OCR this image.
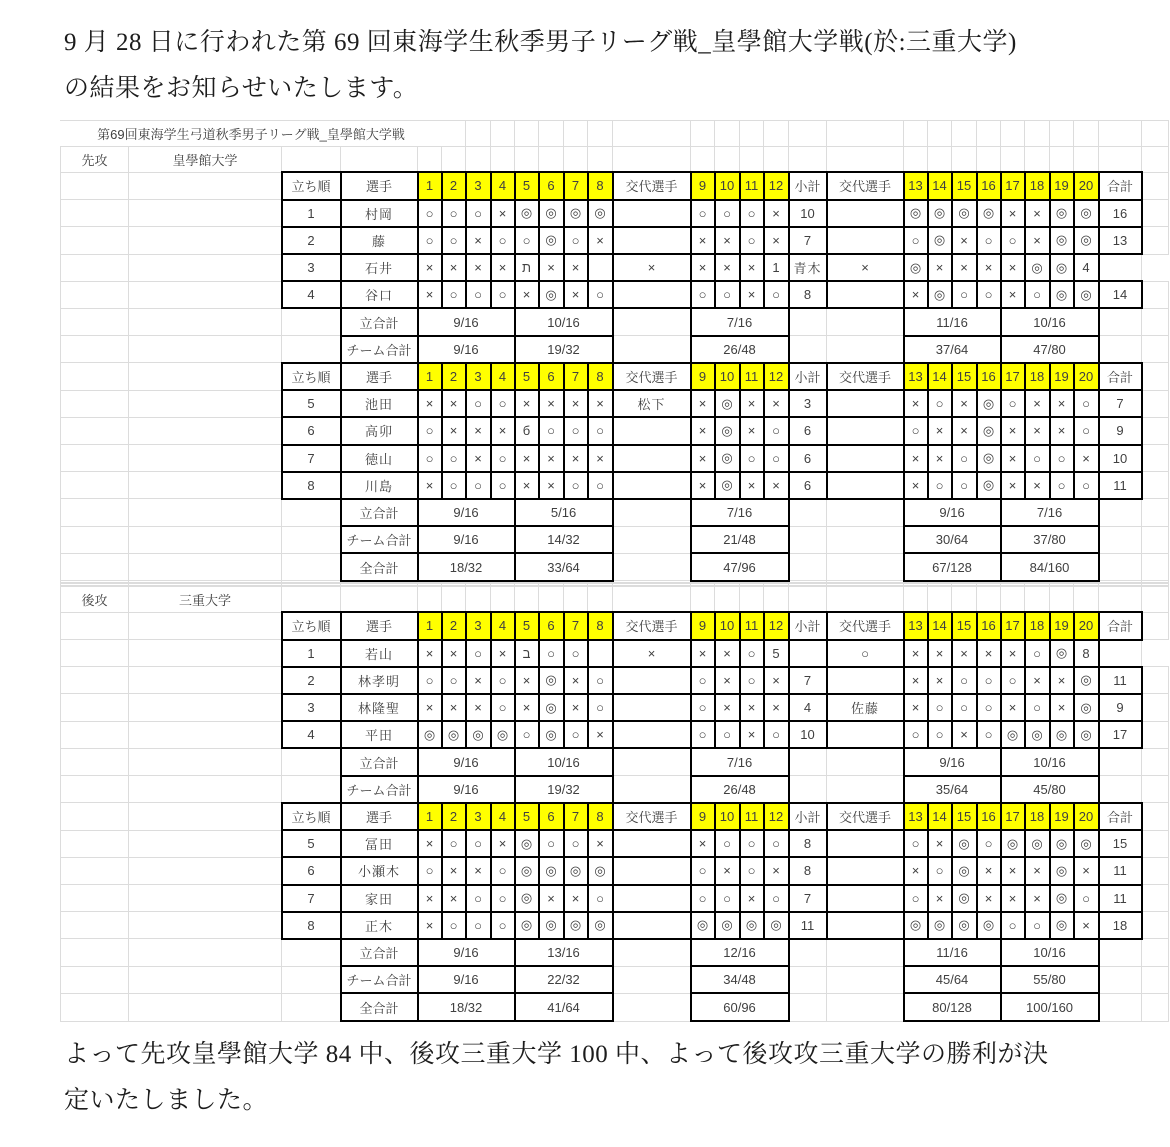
9 月 28 日に行われた第 69 回東海学生秋季男子リーグ戦_皇學館大学戦(於:三重大学)
の結果をお知らせいたします。
第69回東海学生弓道秋季男子リーグ戦_皇學館大学戦																												
先攻	皇學館大学																											
		立ち順	選手	1	2	3	4	5	6	7	8	交代選手	9	10	11	12	小計	交代選手	13	14	15	16	17	18	19	20	合計	
		1	村岡	○	○	○	×	◎	◎	◎	◎		○	○	○	×	10		◎	◎	◎	◎	×	×	◎	◎	16	
		2	藤	○	○	×	○	○	◎	○	×		×	×	○	×	7		○	◎	×	○	○	×	◎	◎	13	
		3	石井	×	×	×	×	ת	×	×		×	×	×	×	1	青木	×	◎	×	×	×	×	◎	◎	4		
		4	谷口	×	○	○	○	×	◎	×	○		○	○	×	○	8		×	◎	○	○	×	○	◎	◎	14	
			立合計	9/16				10/16					7/16						11/16				10/16					
			チーム合計	9/16				19/32					26/48						37/64				47/80					
		立ち順	選手	1	2	3	4	5	6	7	8	交代選手	9	10	11	12	小計	交代選手	13	14	15	16	17	18	19	20	合計	
		5	池田	×	×	○	○	×	×	×	×	松下	×	◎	×	×	3		×	○	×	◎	○	×	×	○	7	
		6	高卯	○	×	×	×	б	○	○	○		×	◎	×	○	6		○	×	×	◎	×	×	×	○	9	
		7	徳山	○	○	×	○	×	×	×	×		×	◎	○	○	6		×	×	○	◎	×	○	○	×	10	
		8	川島	×	○	○	○	×	×	○	○		×	◎	×	×	6		×	○	○	◎	×	×	○	○	11	
			立合計	9/16				5/16					7/16						9/16				7/16					
			チーム合計	9/16				14/32					21/48						30/64				37/80					
			全合計	18/32				33/64					47/96						67/128				84/160					

後攻	三重大学																											
		立ち順	選手	1	2	3	4	5	6	7	8	交代選手	9	10	11	12	小計	交代選手	13	14	15	16	17	18	19	20	合計	
		1	若山	×	×	○	×	ב	○	○		×	×	×	○	5		○	×	×	×	×	×	○	◎	8		
		2	林孝明	○	○	×	○	×	◎	×	○		○	×	○	×	7		×	×	○	○	○	×	×	◎	11	
		3	林隆聖	×	×	×	○	×	◎	×	○		○	×	×	×	4	佐藤	×	○	○	○	×	○	×	◎	9	
		4	平田	◎	◎	◎	◎	○	◎	○	×		○	○	×	○	10		○	○	×	○	◎	◎	◎	◎	17	
			立合計	9/16				10/16					7/16						9/16				10/16					
			チーム合計	9/16				19/32					26/48						35/64				45/80					
		立ち順	選手	1	2	3	4	5	6	7	8	交代選手	9	10	11	12	小計	交代選手	13	14	15	16	17	18	19	20	合計	
		5	冨田	×	○	○	×	◎	○	○	×		×	○	○	○	8		○	×	◎	○	◎	◎	◎	◎	15	
		6	小瀬木	○	×	×	○	◎	◎	◎	◎		○	×	○	×	8		×	○	◎	×	×	×	◎	×	11	
		7	家田	×	×	○	○	◎	×	×	○		○	○	×	○	7		○	×	◎	×	×	×	◎	○	11	
		8	正木	×	○	○	○	◎	◎	◎	◎		◎	◎	◎	◎	11		◎	◎	◎	◎	○	○	◎	×	18	
			立合計	9/16				13/16					12/16						11/16				10/16					
			チーム合計	9/16				22/32					34/48						45/64				55/80					
			全合計	18/32				41/64					60/96						80/128				100/160					
よって先攻皇學館大学 84 中、後攻三重大学 100 中、よって後攻攻三重大学の勝利が決
定いたしました。
